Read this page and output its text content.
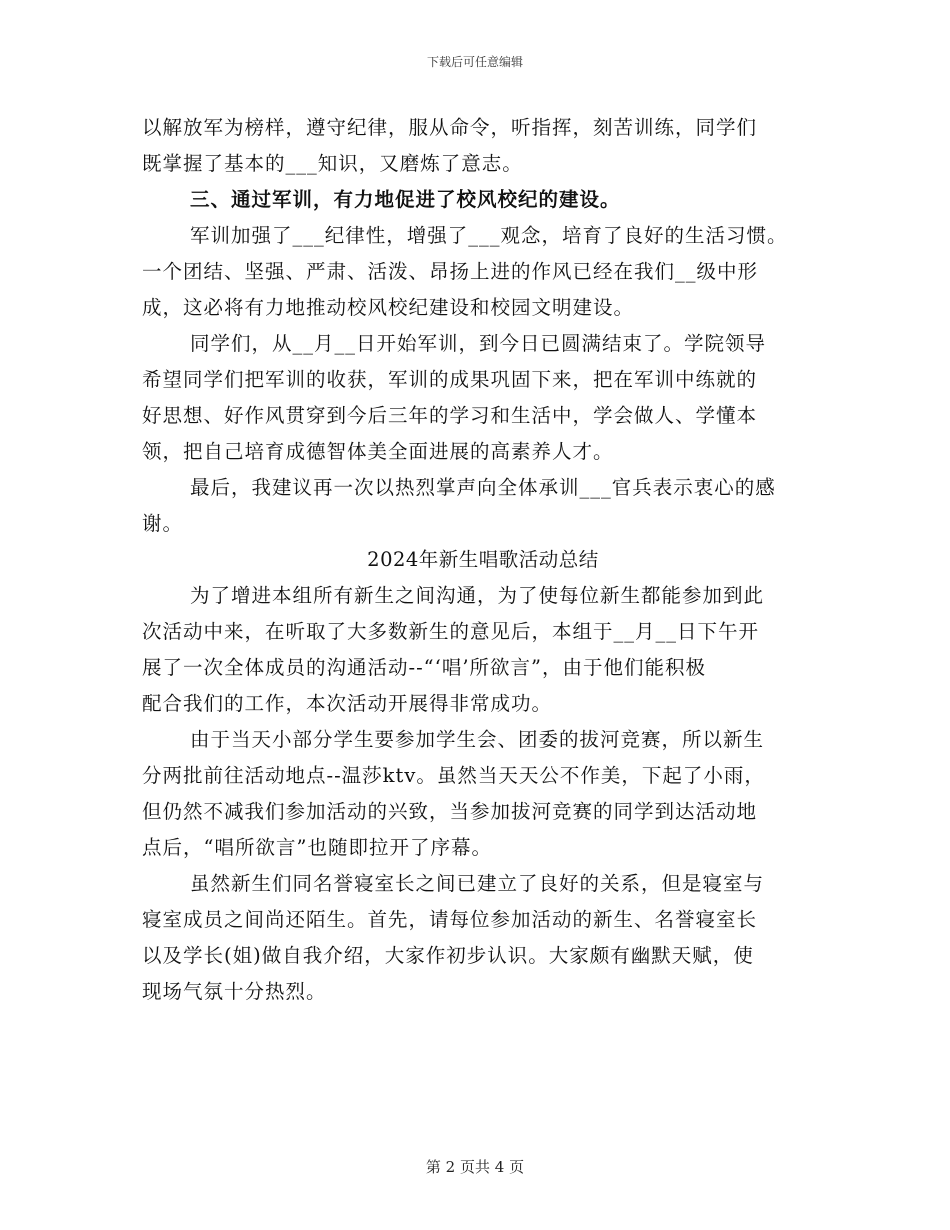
下载后可任意编辑
以解放军为榜样，遵守纪律，服从命令，听指挥，刻苦训练，同学们
既掌握了基本的___知识，又磨炼了意志。
三、通过军训，有力地促进了校风校纪的建设。
军训加强了___纪律性，增强了___观念，培育了良好的生活习惯。
一个团结、坚强、严肃、活泼、昂扬上进的作风已经在我们__级中形
成，这必将有力地推动校风校纪建设和校园文明建设。
同学们，从__月__日开始军训，到今日已圆满结束了。学院领导
希望同学们把军训的收获，军训的成果巩固下来，把在军训中练就的
好思想、好作风贯穿到今后三年的学习和生活中，学会做人、学懂本
领，把自己培育成德智体美全面进展的高素养人才。
最后，我建议再一次以热烈掌声向全体承训___官兵表示衷心的感
谢。
2024年新生唱歌活动总结
为了增进本组所有新生之间沟通，为了使每位新生都能参加到此
次活动中来，在听取了大多数新生的意见后，本组于__月__日下午开
展了一次全体成员的沟通活动--“‘唱’所欲言”，由于他们能积极
配合我们的工作，本次活动开展得非常成功。
由于当天小部分学生要参加学生会、团委的拔河竞赛，所以新生
分两批前往活动地点--温莎ktv。虽然当天天公不作美，下起了小雨，
但仍然不减我们参加活动的兴致，当参加拔河竞赛的同学到达活动地
点后，“唱所欲言”也随即拉开了序幕。
虽然新生们同名誉寝室长之间已建立了良好的关系，但是寝室与
寝室成员之间尚还陌生。首先，请每位参加活动的新生、名誉寝室长
以及学长(姐)做自我介绍，大家作初步认识。大家颇有幽默天赋，使
现场气氛十分热烈。
第 2 页共 4 页
